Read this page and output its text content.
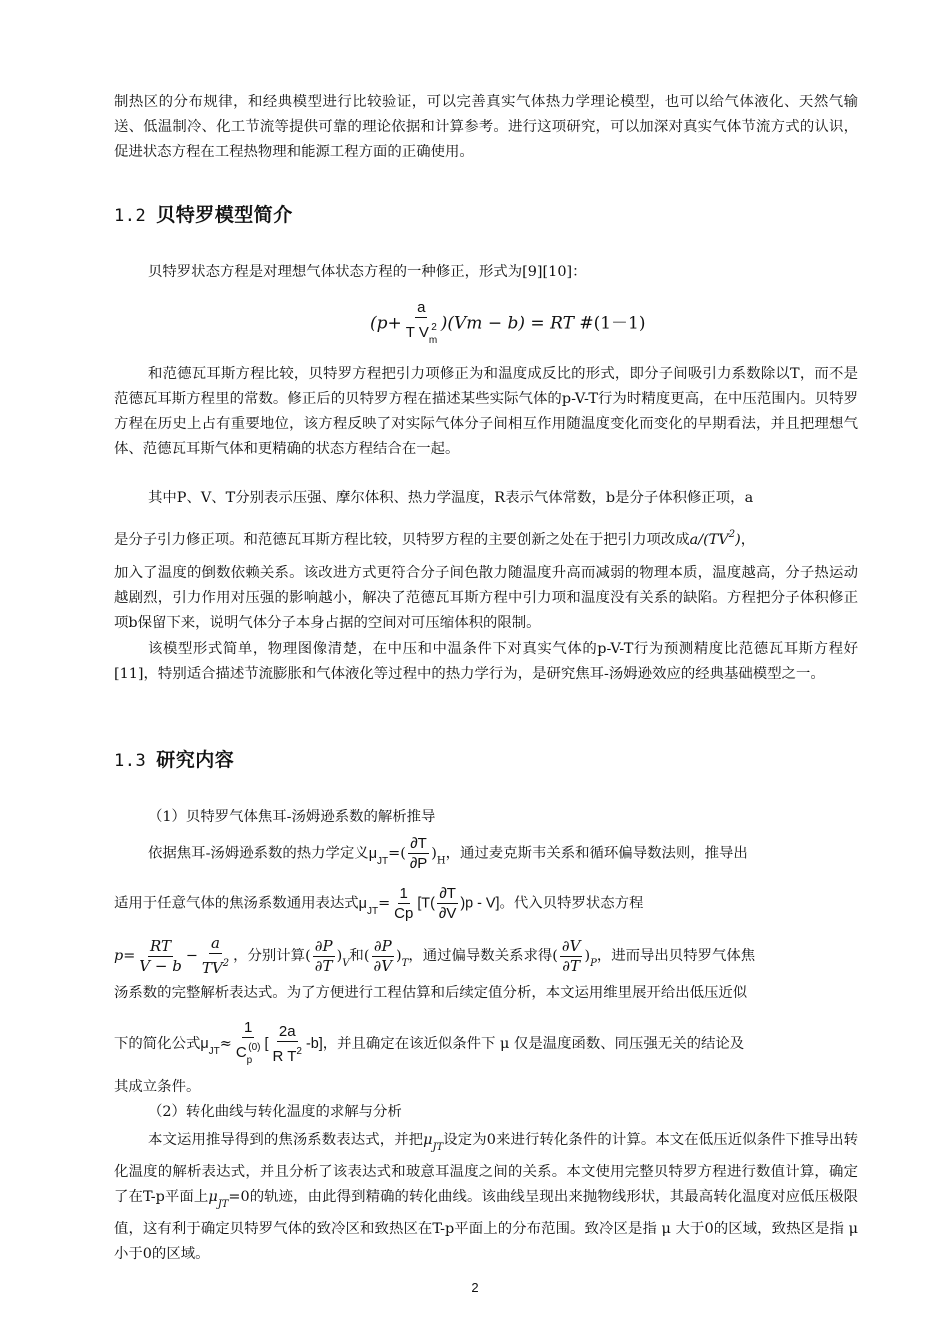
制热区的分布规律，和经典模型进行比较验证，可以完善真实气体热力学理论模型，也可以给气体液化、天然气输送、低温制冷、化工节流等提供可靠的理论依据和计算参考。进行这项研究，可以加深对真实气体节流方式的认识，促进状态方程在工程热物理和能源工程方面的正确使用。

1.2 贝特罗模型简介

贝特罗状态方程是对理想气体状态方程的一种修正，形式为[9][10]：

$(p+ \frac{a}{T V_m^2} )(Vm - b)$ = RT #(1－1)

和范德瓦耳斯方程比较，贝特罗方程把引力项修正为和温度成反比的形式，即分子间吸引力系数除以T，而不是范德瓦耳斯方程里的常数。修正后的贝特罗方程在描述某些实际气体的p-V-T行为时精度更高，在中压范围内。贝特罗方程在历史上占有重要地位，该方程反映了对实际气体分子间相互作用随温度变化而变化的早期看法，并且把理想气体、范德瓦耳斯气体和更精确的状态方程结合在一起。

其中P、V、T分别表示压强、摩尔体积、热力学温度，R表示气体常数，b是分子体积修正项，a
是分子引力修正项。和范德瓦耳斯方程比较，贝特罗方程的主要创新之处在于把引力项改成$a/(TV^2)$，

加入了温度的倒数依赖关系。该改进方式更符合分子间色散力随温度升高而减弱的物理本质，温度越高，分子热运动越剧烈，引力作用对压强的影响越小，解决了范德瓦耳斯方程中引力项和温度没有关系的缺陷。方程把分子体积修正项b保留下来，说明气体分子本身占据的空间对可压缩体积的限制。

该模型形式简单，物理图像清楚，在中压和中温条件下对真实气体的p-V-T行为预测精度比范德瓦耳斯方程好[11]，特别适合描述节流膨胀和气体液化等过程中的热力学行为，是研究焦耳-汤姆逊效应的经典基础模型之一。

1.3 研究内容
（1）贝特罗气体焦耳-汤姆逊系数的解析推导
依据焦耳-汤姆逊系数的热力学定义$\mu_{JT}=( \frac{\partial T}{\partial P} )_H$，通过麦克斯韦关系和循环偏导数法则，推导出
适用于任意气体的焦汤系数通用表达式$\mu_{JT}= \frac{1}{Cp} [T( \frac{\partial T}{\partial V} )p - V]$。代入贝特罗状态方程
$p= \frac{RT}{V - b} - \frac{a}{TV^2}$ ，分别计算( $\frac{\partial P}{\partial T} )_V$和( $\frac{\partial P}{\partial V} )_T$，通过偏导数关系求得( $\frac{\partial V}{\partial T} )_P$，进而导出贝特罗气体焦
汤系数的完整解析表达式。为了方便进行工程估算和后续定值分析，本文运用维里展开给出低压近似
下的简化公式$\mu_{JT}\approx \frac{1}{C_p^{(0)}}$ [ $\frac{2a}{R T^2} -b$]，并且确定在该近似条件下 μ 仅是温度函数、同压强无关的结论及
其成立条件。
（2）转化曲线与转化温度的求解与分析

本文运用推导得到的焦汤系数表达式，并把$\mu_{JT}$设定为0来进行转化条件的计算。本文在低压近似条件下推导出转化温度的解析表达式，并且分析了该表达式和玻意耳温度之间的关系。本文使用完整贝特罗方程进行数值计算，确定了在T-p平面上$\mu_{JT}=0$的轨迹，由此得到精确的转化曲线。该曲线呈现出来抛物线形状，其最高转化温度对应低压极限值，这有利于确定贝特罗气体的致冷区和致热区在T-p平面上的分布范围。致冷区是指 μ 大于0的区域，致热区是指 μ 小于0的区域。

2
